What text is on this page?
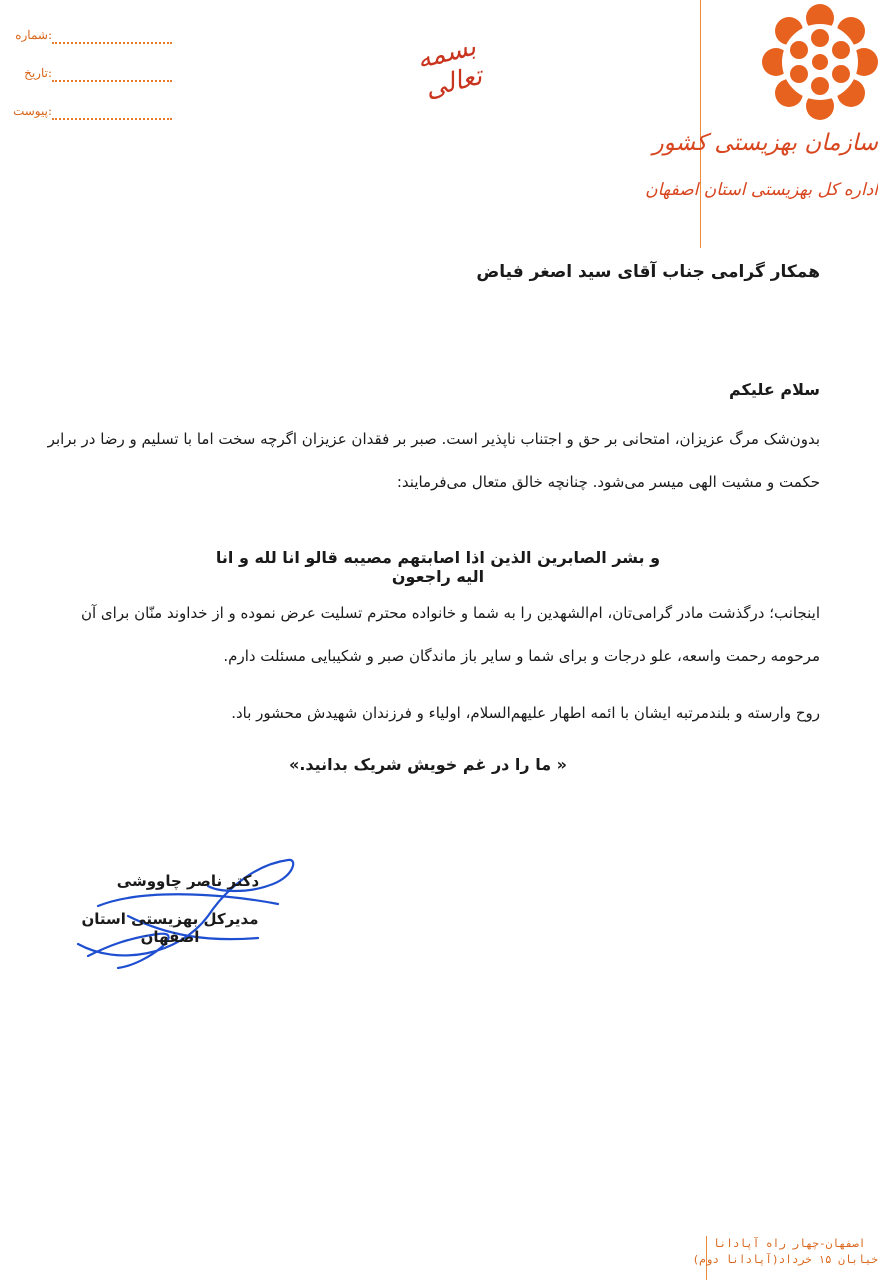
:شماره
:تاریخ
:پیوست
بسمه تعالی
سازمان بهزیستی کشور
اداره کل بهزیستی استان اصفهان
همکار گرامی جناب آقای سید اصغر فیاض
سلام علیکم
بدون‌شک مرگ عزیزان، امتحانی بر حق و اجتناب ناپذیر است. صبر بر فقدان عزیزان اگرچه سخت اما با تسلیم و رضا در برابر حکمت و مشیت الهی میسر می‌شود. چنانچه خالق متعال می‌فرمایند:
و بشر الصابرین الذین اذا اصابتهم مصیبه قالو انا لله و انا الیه راجعون
اینجانب؛ درگذشت مادر گرامی‌تان، ام‌الشهدین را به شما و خانواده محترم تسلیت عرض نموده و از خداوند منّان برای آن مرحومه رحمت واسعه، علو درجات و برای شما و سایر باز ماندگان صبر و شکیبایی مسئلت دارم.
روح وارسته و بلندمرتبه ایشان با ائمه اطهار علیهم‌السلام، اولیاء و فرزندان شهیدش محشور باد.
« ما را در غم خویش شریک بدانید.»
دکتر ناصر چاووشی
مدیرکل بهزیستی استان اصفهان
اصفهان-چهار راه آپادانا
خیابان ۱۵ خرداد(آپادانا دوم)
